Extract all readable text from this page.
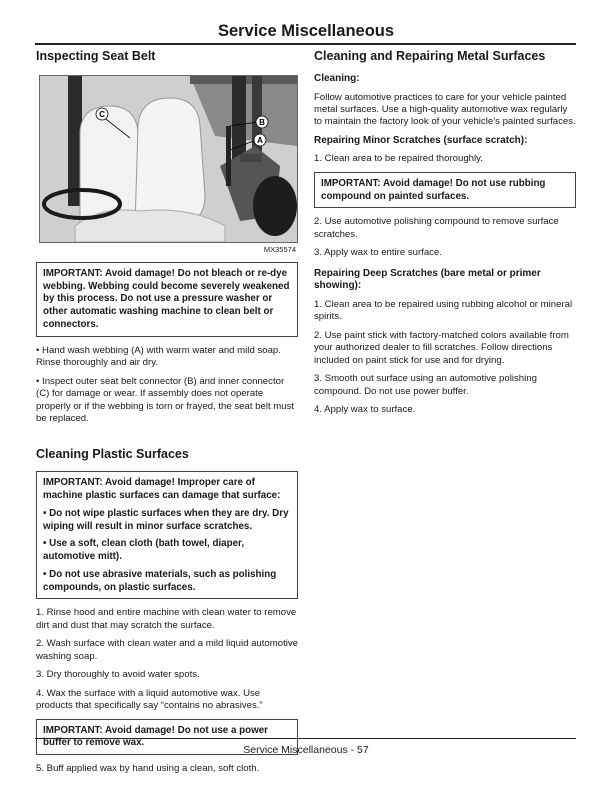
Service Miscellaneous
Inspecting Seat Belt
C
B
A
MX35574

IMPORTANT: Avoid damage! Do not bleach or re-dye webbing. Webbing could become severely weakened by this process. Do not use a pressure washer or other automatic washing machine to clean belt or connectors.

• Hand wash webbing (A) with warm water and mild soap. Rinse thoroughly and air dry.

• Inspect outer seat belt connector (B) and inner connector (C) for damage or wear. If assembly does not operate properly or if the webbing is torn or frayed, the seat belt must be replaced.

Cleaning Plastic Surfaces

IMPORTANT: Avoid damage! Improper care of machine plastic surfaces can damage that surface:

• Do not wipe plastic surfaces when they are dry. Dry wiping will result in minor surface scratches.

• Use a soft, clean cloth (bath towel, diaper, automotive mitt).

• Do not use abrasive materials, such as polishing compounds, on plastic surfaces.

1. Rinse hood and entire machine with clean water to remove dirt and dust that may scratch the surface.

2. Wash surface with clean water and a mild liquid automotive washing soap.

3. Dry thoroughly to avoid water spots.

4. Wax the surface with a liquid automotive wax. Use products that specifically say “contains no abrasives.”

IMPORTANT: Avoid damage! Do not use a power buffer to remove wax.

5. Buff applied wax by hand using a clean, soft cloth.

Cleaning and Repairing Metal Surfaces
Cleaning:

Follow automotive practices to care for your vehicle painted metal surfaces. Use a high-quality automotive wax regularly to maintain the factory look of your vehicle’s painted surfaces.

Repairing Minor Scratches (surface scratch):

1. Clean area to be repaired thoroughly.

IMPORTANT: Avoid damage! Do not use rubbing compound on painted surfaces.

2. Use automotive polishing compound to remove surface scratches.

3. Apply wax to entire surface.

Repairing Deep Scratches (bare metal or primer showing):

1. Clean area to be repaired using rubbing alcohol or mineral spirits.

2. Use paint stick with factory-matched colors available from your authorized dealer to fill scratches. Follow directions included on paint stick for use and for drying.

3. Smooth out surface using an automotive polishing compound. Do not use power buffer.

4. Apply wax to surface.

Service Miscellaneous - 57
